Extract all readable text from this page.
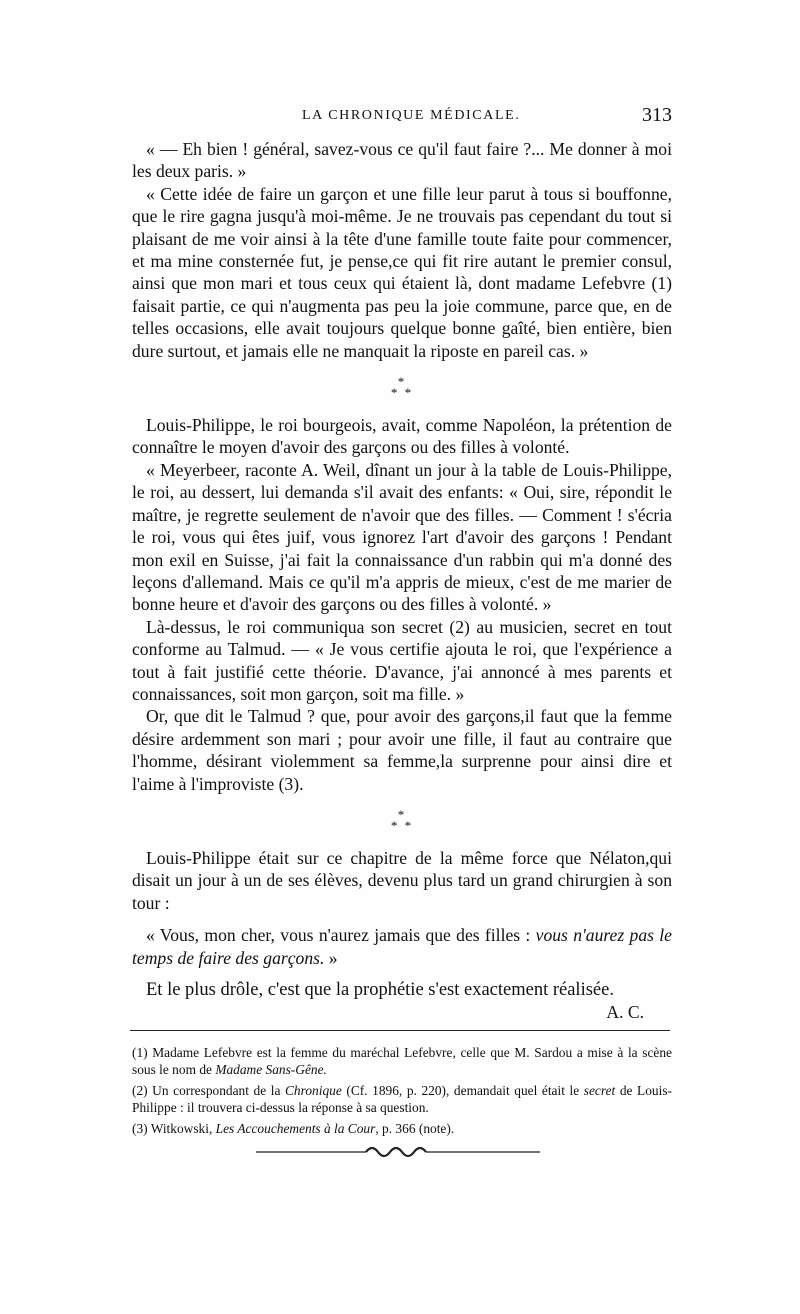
LA CHRONIQUE MÉDICALE.	313

« — Eh bien ! général, savez-vous ce qu'il faut faire ?... Me donner à moi les deux paris. »

« Cette idée de faire un garçon et une fille leur parut à tous si bouffonne, que le rire gagna jusqu'à moi-même. Je ne trouvais pas cependant du tout si plaisant de me voir ainsi à la tête d'une famille toute faite pour commencer, et ma mine consternée fut, je pense,ce qui fit rire autant le premier consul, ainsi que mon mari et tous ceux qui étaient là, dont madame Lefebvre (1) faisait partie, ce qui n'augmenta pas peu la joie commune, parce que, en de telles occasions, elle avait toujours quelque bonne gaîté, bien entière, bien dure surtout, et jamais elle ne manquait la riposte en pareil cas. »

*
* *

Louis-Philippe, le roi bourgeois, avait, comme Napoléon, la prétention de connaître le moyen d'avoir des garçons ou des filles à volonté.

« Meyerbeer, raconte A. Weil, dînant un jour à la table de Louis-Philippe, le roi, au dessert, lui demanda s'il avait des enfants: « Oui, sire, répondit le maître, je regrette seulement de n'avoir que des filles. — Comment ! s'écria le roi, vous qui êtes juif, vous ignorez l'art d'avoir des garçons ! Pendant mon exil en Suisse, j'ai fait la connaissance d'un rabbin qui m'a donné des leçons d'allemand. Mais ce qu'il m'a appris de mieux, c'est de me marier de bonne heure et d'avoir des garçons ou des filles à volonté. »

Là-dessus, le roi communiqua son secret (2) au musicien, secret en tout conforme au Talmud. — « Je vous certifie ajouta le roi, que l'expérience a tout à fait justifié cette théorie. D'avance, j'ai annoncé à mes parents et connaissances, soit mon garçon, soit ma fille. »

Or, que dit le Talmud ? que, pour avoir des garçons,il faut que la femme désire ardemment son mari ; pour avoir une fille, il faut au contraire que l'homme, désirant violemment sa femme,la surprenne pour ainsi dire et l'aime à l'improviste (3).

*
* *

Louis-Philippe était sur ce chapitre de la même force que Nélaton,qui disait un jour à un de ses élèves, devenu plus tard un grand chirurgien à son tour :

« Vous, mon cher, vous n'aurez jamais que des filles : vous n'aurez pas le temps de faire des garçons. »

Et le plus drôle, c'est que la prophétie s'est exactement réalisée.

A. C.

(1) Madame Lefebvre est la femme du maréchal Lefebvre, celle que M. Sardou a mise à la scène sous le nom de Madame Sans-Gêne.

(2) Un correspondant de la Chronique (Cf. 1896, p. 220), demandait quel était le secret de Louis-Philippe : il trouvera ci-dessus la réponse à sa question.

(3) Witkowski, Les Accouchements à la Cour, p. 366 (note).
